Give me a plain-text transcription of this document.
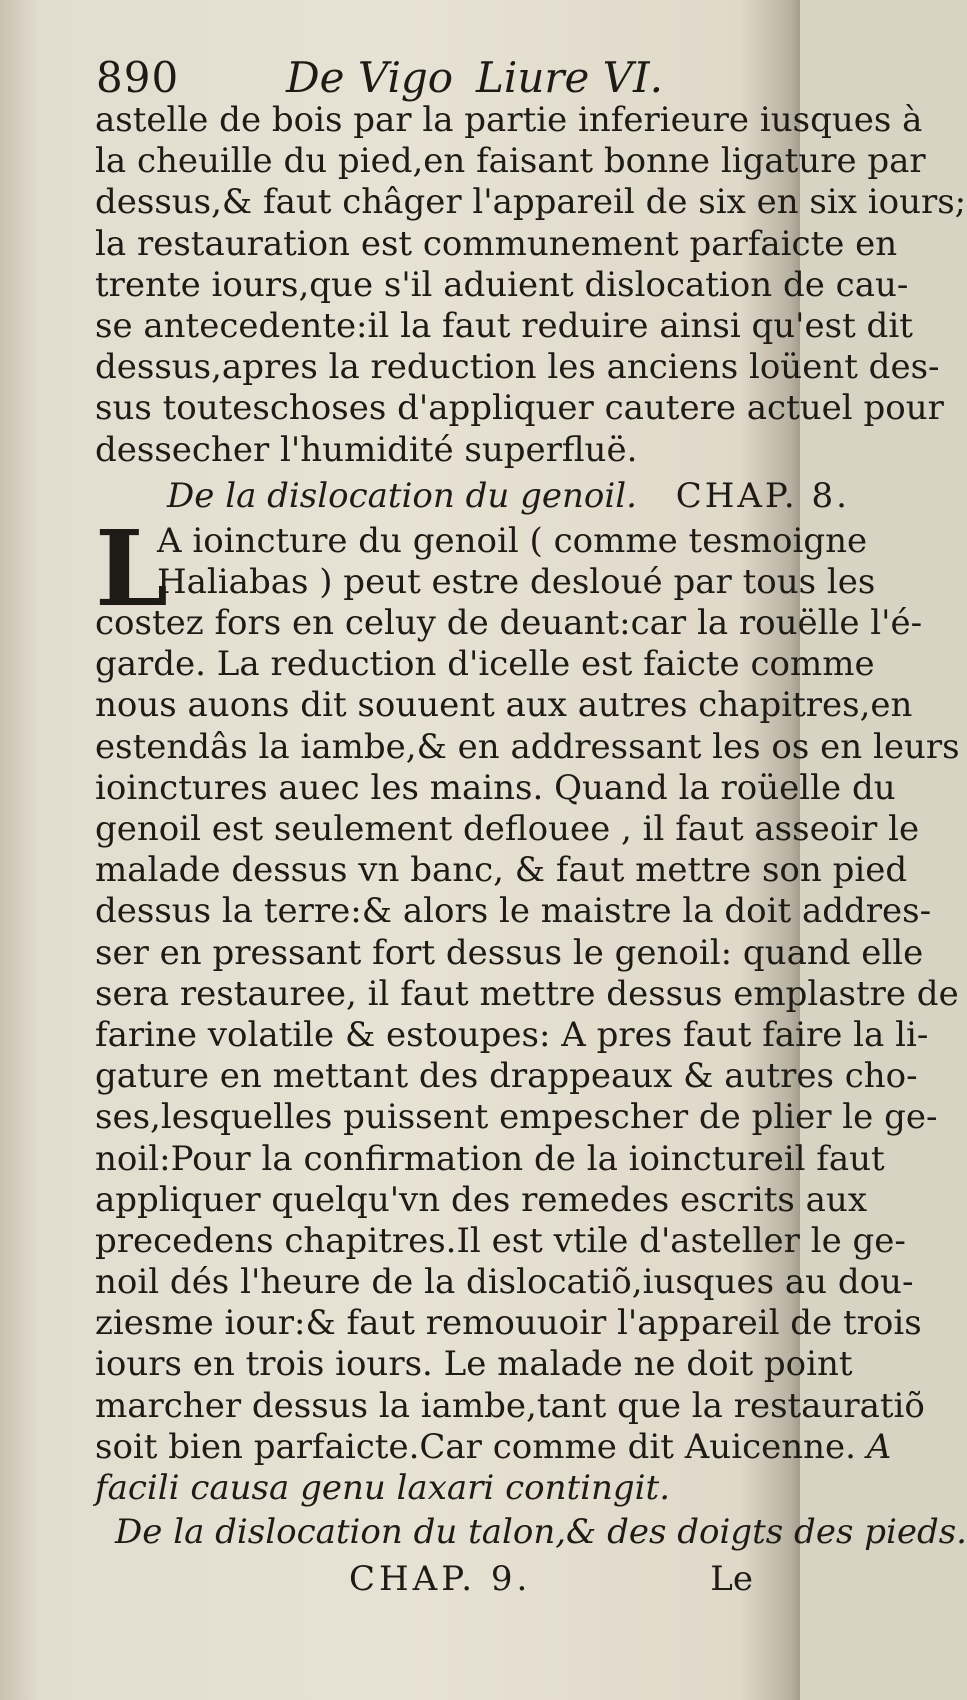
890	De Vigo Liure VI.
astelle de bois par la partie inferieure iusques à
la cheuille du pied,en faisant bonne ligature par
dessus,& faut châger l'appareil de six en six iours;
la restauration est communement parfaicte en
trente iours,que s'il aduient dislocation de cau-
se antecedente:il la faut reduire ainsi qu'est dit
dessus,apres la reduction les anciens loüent des-
sus touteschoses d'appliquer cautere actuel pour
dessecher l'humidité superfluë.
De la dislocation du genoil. CHAP. 8.
L
A ioincture du genoil ( comme tesmoigne
Haliabas ) peut estre desloué par tous les
costez fors en celuy de deuant:car la rouëlle l'é-
garde. La reduction d'icelle est faicte comme
nous auons dit souuent aux autres chapitres,en
estendâs la iambe,& en addressant les os en leurs
ioinctures auec les mains. Quand la roüelle du
genoil est seulement deflouee , il faut asseoir le
malade dessus vn banc, & faut mettre son pied
dessus la terre:& alors le maistre la doit addres-
ser en pressant fort dessus le genoil: quand elle
sera restauree, il faut mettre dessus emplastre de
farine volatile & estoupes: A pres faut faire la li-
gature en mettant des drappeaux & autres cho-
ses,lesquelles puissent empescher de plier le ge-
noil:Pour la confirmation de la ioinctureil faut
appliquer quelqu'vn des remedes escrits aux
precedens chapitres.Il est vtile d'asteller le ge-
noil dés l'heure de la dislocatiõ,iusques au dou-
ziesme iour:& faut remouuoir l'appareil de trois
iours en trois iours. Le malade ne doit point
marcher dessus la iambe,tant que la restauratiõ
soit bien parfaicte.Car comme dit Auicenne. A
facili causa genu laxari contingit.
De la dislocation du talon,& des doigts des pieds.
CHAP. 9.	Le
